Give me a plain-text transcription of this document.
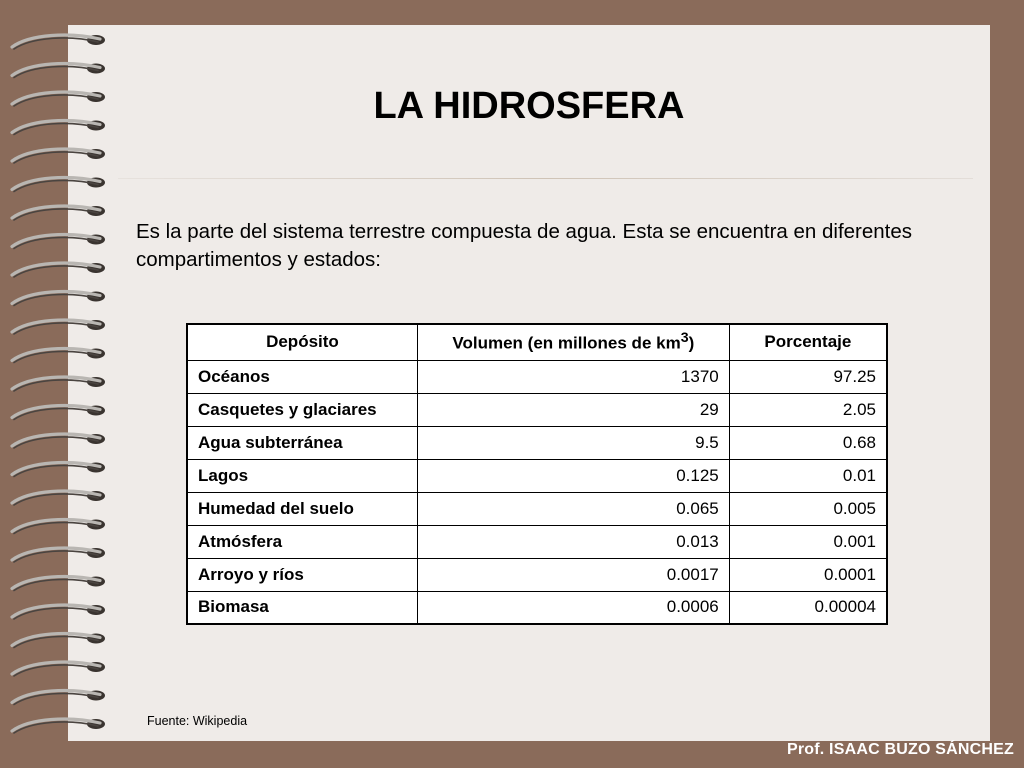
LA HIDROSFERA
Es la parte del sistema terrestre compuesta de agua. Esta se encuentra en diferentes compartimentos y estados:
Depósito	Volumen (en millones de $km^3$)	Porcentaje
Océanos	1370	97.25
Casquetes y glaciares	29	2.05
Agua subterránea	9.5	0.68
Lagos	0.125	0.01
Humedad del suelo	0.065	0.005
Atmósfera	0.013	0.001
Arroyo y ríos	0.0017	0.0001
Biomasa	0.0006	0.00004
Fuente: Wikipedia
Prof. ISAAC BUZO SÁNCHEZ
